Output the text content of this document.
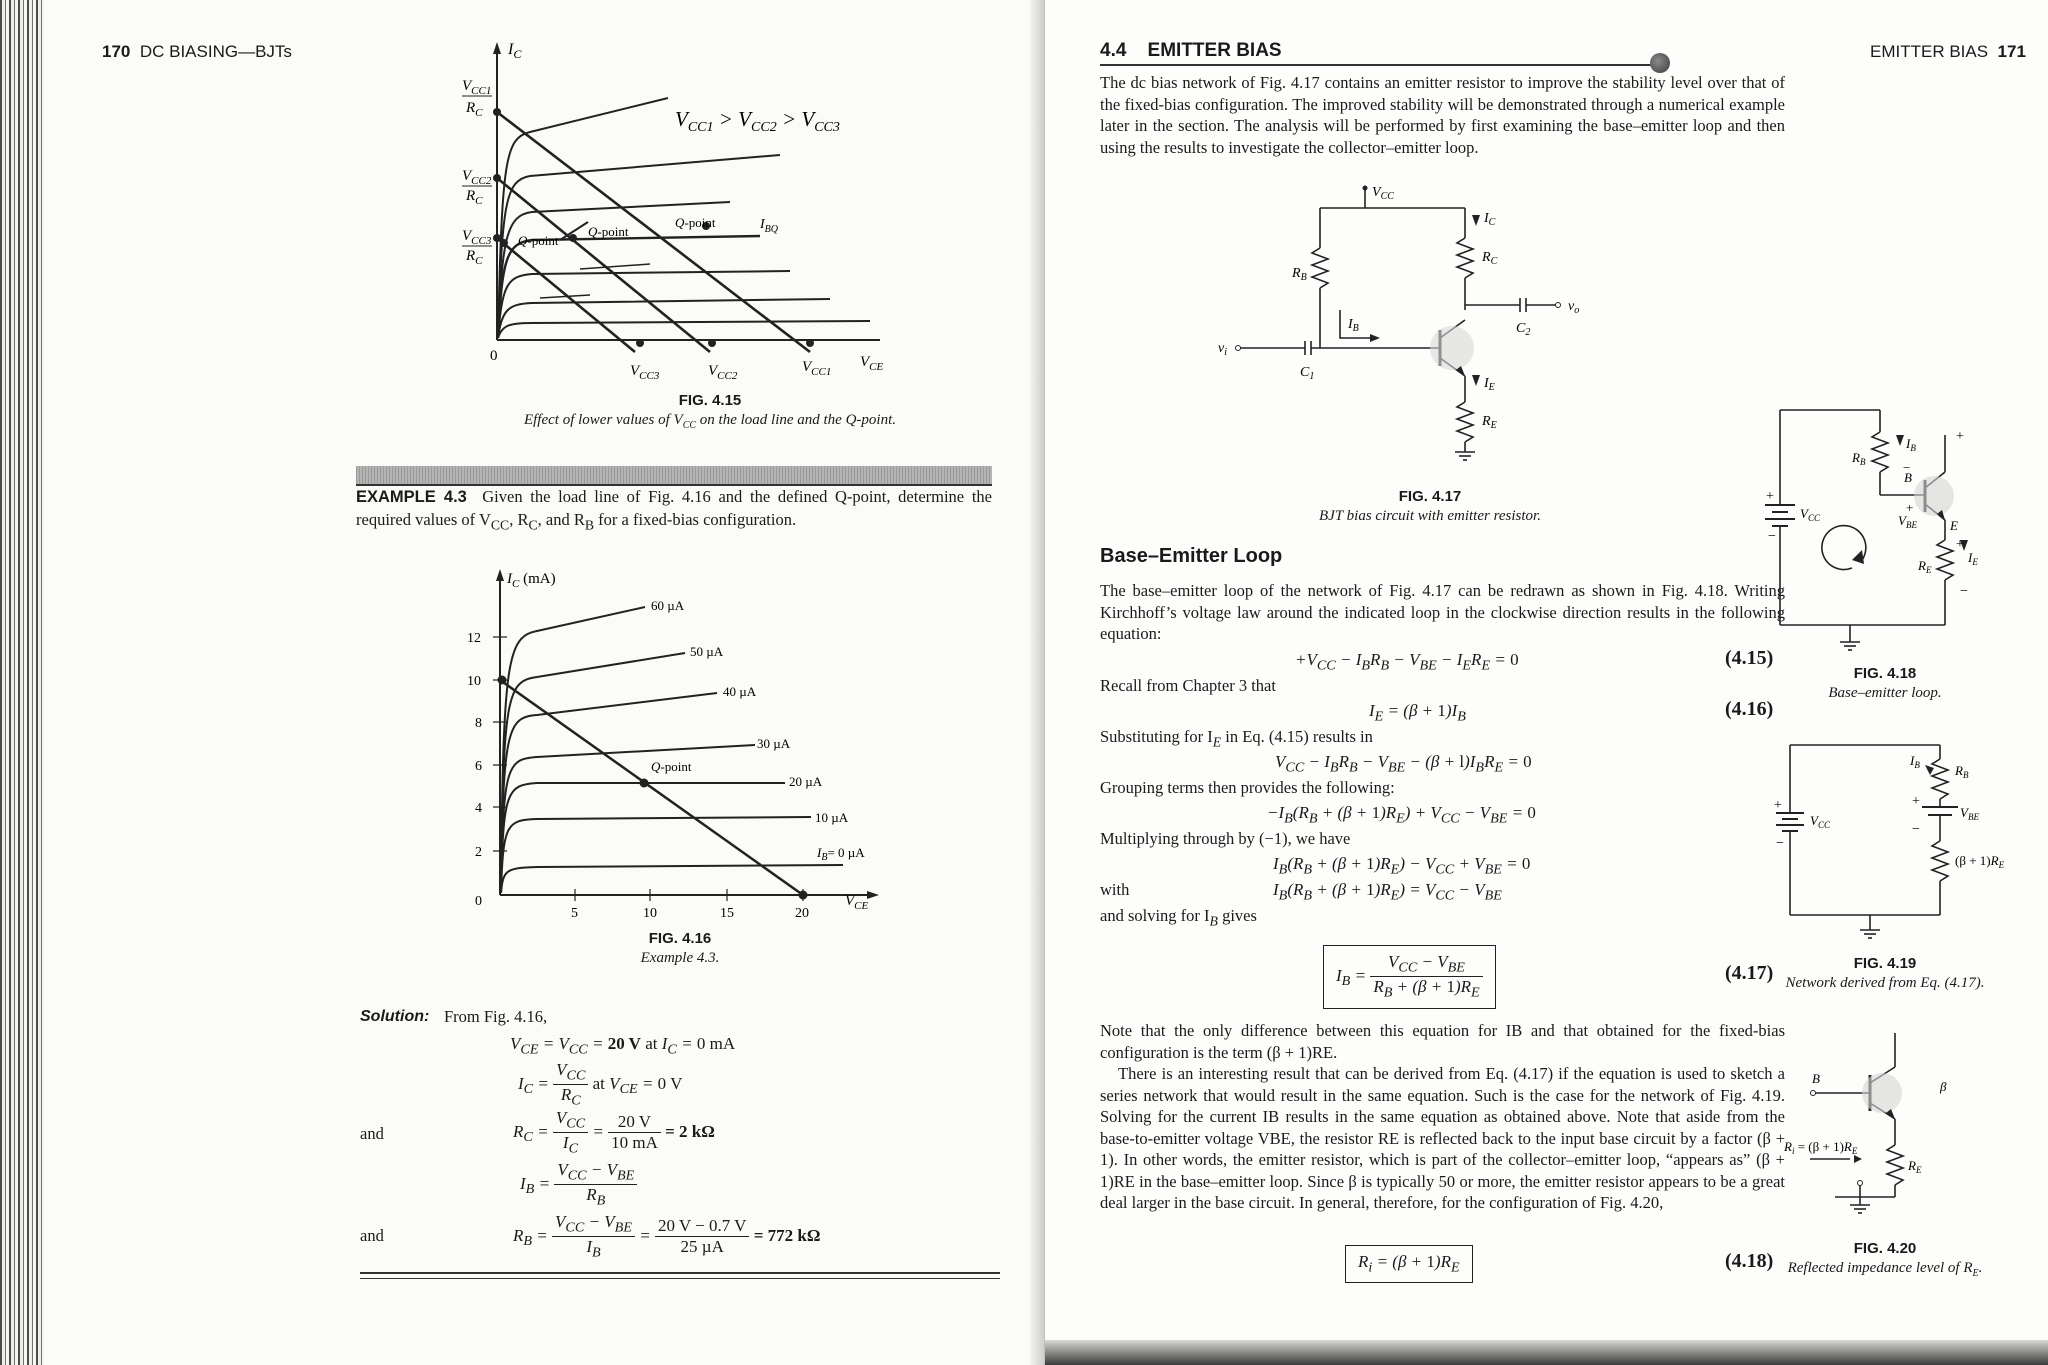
170 DC BIASING—BJTs	$I_C$
$V_{CC1}$
$R_C$
$V_{CC2}$
$R_C$
$V_{CC3}$
$R_C$
0
$V_{CC3}$	$V_{CC2}$
$V_{CC1}$
$V_{CE}$
$V_{CC1} > V_{CC2} > V_{CC3}$
Q-point
Q-point
Q-point	$I_{BQ}$
FIG. 4.15
Effect of lower values of $V_{CC}$ on the load line and the Q-point.
EXAMPLE 4.3 Given the load line of Fig. 4.16 and the defined Q-point, determine the required values of $V_{CC}$, $R_C$, and $R_B$ for a fixed-bias configuration.
$I_C$ (mA)
12
10
8
6
4
2
0
5	10	15	20
$V_{CE}$
60 µA
50 µA
40 µA
30 µA
20 µA
10 µA
$I_B= 0$ µA
Q-point
FIG. 4.16
Example 4.3.
Solution: From Fig. 4.16,
$V_{CE} = V_{CC} = 20$ V at $I_C = 0$ mA
$I_C = \frac{V_{CC}}{R_C}$ at $V_{CE} = 0$ V
and	$R_C = \frac{V_{CC}}{I_C} = \frac{20 V}{10 mA} = 2$ kΩ
$I_B = \frac{V_{CC} - V_{BE}}{R_B}$
and	$R_B = \frac{V_{CC} - V_{BE}}{I_B} = \frac{20 V - 0.7 V}{\text{25 µA}} = 772$ kΩ
4.4 EMITTER BIAS	EMITTER BIAS 171
The dc bias network of Fig. 4.17 contains an emitter resistor to improve the stability level over that of the fixed-bias configuration. The improved stability will be demonstrated through a numerical example later in the section. The analysis will be performed by first examining the base–emitter loop and then using the results to investigate the collector–emitter loop.
$V_{CC}$
$I_C$
$R_C$
$R_B$
$I_B$	$C_2$
$v_o$
$v_i$
$C_1$	$I_E$
$R_E$
FIG. 4.17
BJT bias circuit with emitter resistor.
Base–Emitter Loop
The base–emitter loop of the network of Fig. 4.17 can be redrawn as shown in Fig. 4.18. Writing Kirchhoff’s voltage law around the indicated loop in the clockwise direction results in the following equation:
$+V_{CC} - I_BR_B - V_{BE} - I_ER_E = 0$	(4.15)
Recall from Chapter 3 that
$I_E = (\beta + 1)I_B$	(4.16)
Substituting for $I_E$ in Eq. (4.15) results in
$V_{CC} - I_BR_B - V_{BE} - (\beta + l)I_BR_E = 0$
Grouping terms then provides the following:
$-I_B(R_B + (\beta + 1)R_E) + V_{CC} - V_{BE} = 0$
Multiplying through by (−1), we have
$I_B(R_B + (\beta + 1)R_E) - V_{CC} + V_{BE} = 0$
with	$I_B(R_B + (\beta + 1)R_E) = V_{CC} - V_{BE}$
and solving for $I_B$ gives
$I_B = \frac{V_{CC} - V_{BE}}{R_B + (\beta + 1)R_E}$	(4.17)
Note that the only difference between this equation for IB and that obtained for the fixed-bias configuration is the term (β + 1)RE.
There is an interesting result that can be derived from Eq. (4.17) if the equation is used to sketch a series network that would result in the same equation. Such is the case for the network of Fig. 4.19. Solving for the current IB results in the same equation as obtained above. Note that aside from the base-to-emitter voltage VBE, the resistor RE is reflected back to the input base circuit by a factor (β + 1). In other words, the emitter resistor, which is part of the collector–emitter loop, “appears as” (β + 1)RE in the base–emitter loop. Since β is typically 50 or more, the emitter resistor appears to be a great deal larger in the base circuit. In general, therefore, for the configuration of Fig. 4.20,
$R_i = (\beta + 1)R_E$	(4.18)
$R_B$
$I_B$
B
−
+
$V_{BE}$	E
$R_E$
$I_E$
$V_{CC}$
+
−
+
+
−
FIG. 4.18
Base–emitter loop.
$I_B$	$R_B$
$V_{BE}$
$V_{CC}$
$(\beta + 1)R_E$
+
−
+
−
FIG. 4.19
Network derived from Eq. (4.17).
B
β
$R_i = (\beta + 1)R_E$
$R_E$
FIG. 4.20
Reflected impedance level of $R_E$.
